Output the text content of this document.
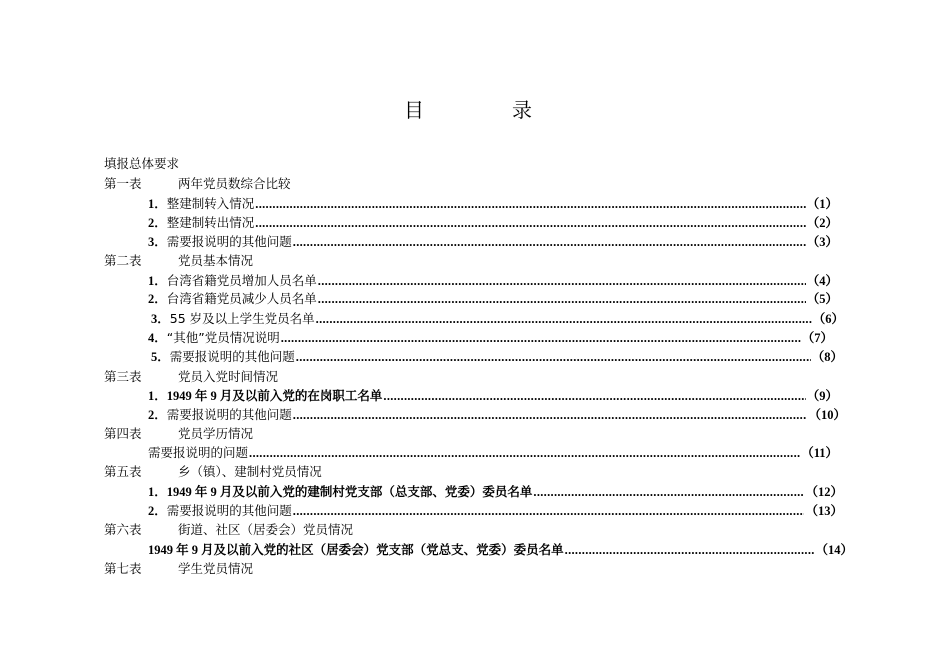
目　录
填报总体要求
第一表	两年党员数综合比较
1． 整建制转入情况 .....	（1）
2． 整建制转出情况 .....	（2）
3． 需要报说明的其他问题 .....	（3）
第二表	党员基本情况
1． 台湾省籍党员增加人员名单 .....	（4）
2． 台湾省籍党员减少人员名单 .....	（5）
3． 55 岁及以上学生党员名单 .....	（6）
4． “其他”党员情况说明 .....	（7）
5． 需要报说明的其他问题 .....	（8）
第三表	党员入党时间情况
1． 1949 年 9 月及以前入党的在岗职工名单 .....	（9）
2． 需要报说明的其他问题 .....	（10）
第四表	党员学历情况
需要报说明的问题 .....	（11）
第五表	乡（镇）、建制村党员情况
1． 1949 年 9 月及以前入党的建制村党支部（总支部、党委）委员名单 .....	（12）
2． 需要报说明的其他问题 .....	（13）
第六表	街道、社区（居委会）党员情况
1949 年 9 月及以前入党的社区（居委会）党支部（党总支、党委）委员名单 .....	（14）
第七表	学生党员情况
